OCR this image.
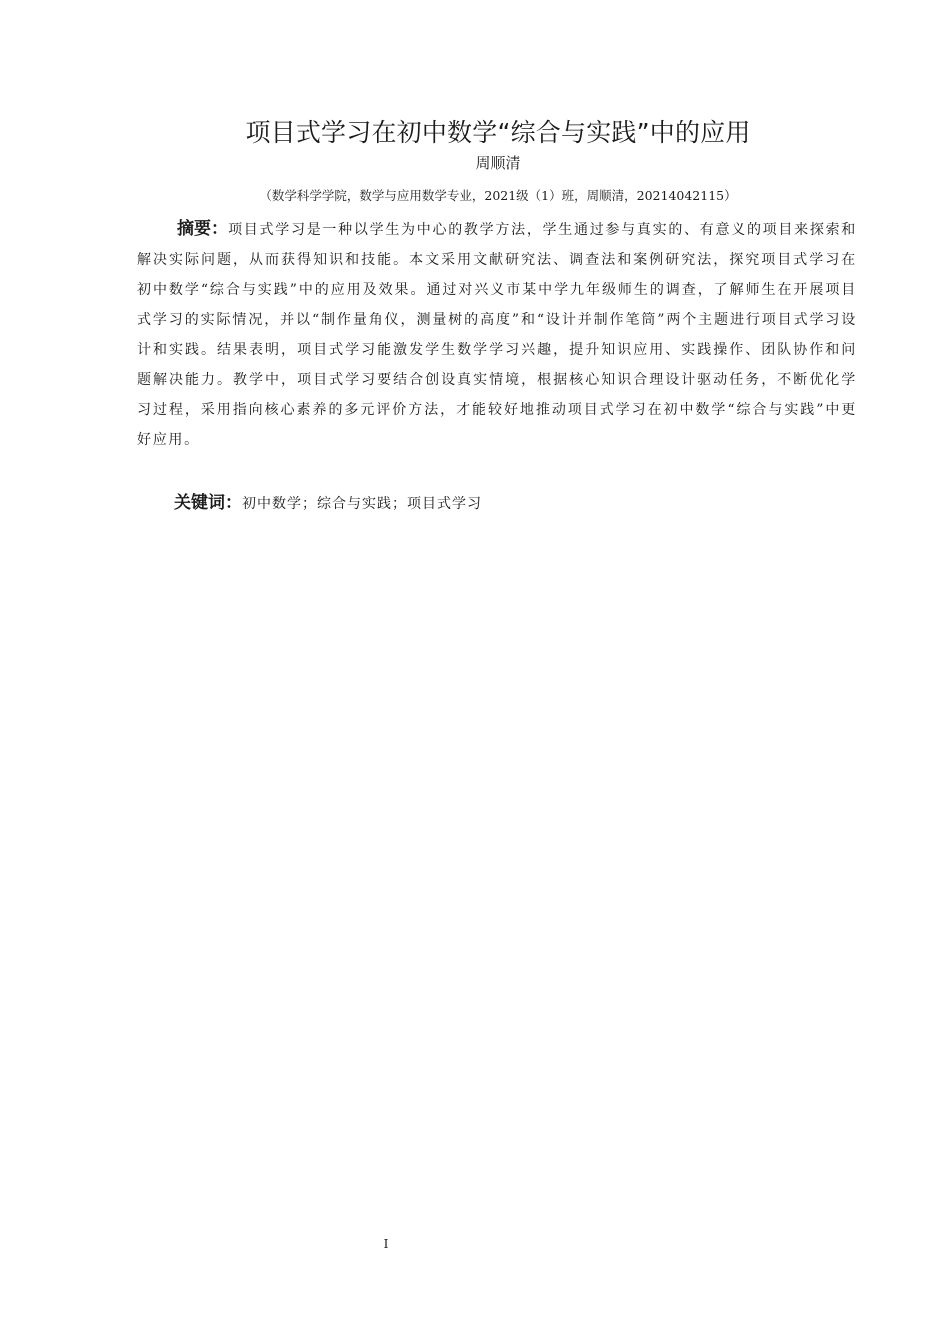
项目式学习在初中数学“综合与实践”中的应用
周顺清
（数学科学学院，数学与应用数学专业，2021级（1）班，周顺清，20214042115）
摘要：项目式学习是一种以学生为中心的教学方法，学生通过参与真实的、有意义的项目来探索和解决实际问题，从而获得知识和技能。本文采用文献研究法、调查法和案例研究法，探究项目式学习在初中数学“综合与实践”中的应用及效果。通过对兴义市某中学九年级师生的调查，了解师生在开展项目式学习的实际情况，并以“制作量角仪，测量树的高度”和“设计并制作笔筒”两个主题进行项目式学习设计和实践。结果表明，项目式学习能激发学生数学学习兴趣，提升知识应用、实践操作、团队协作和问题解决能力。教学中，项目式学习要结合创设真实情境，根据核心知识合理设计驱动任务，不断优化学习过程，采用指向核心素养的多元评价方法，才能较好地推动项目式学习在初中数学“综合与实践”中更好应用。
关键词：初中数学；综合与实践；项目式学习
I
